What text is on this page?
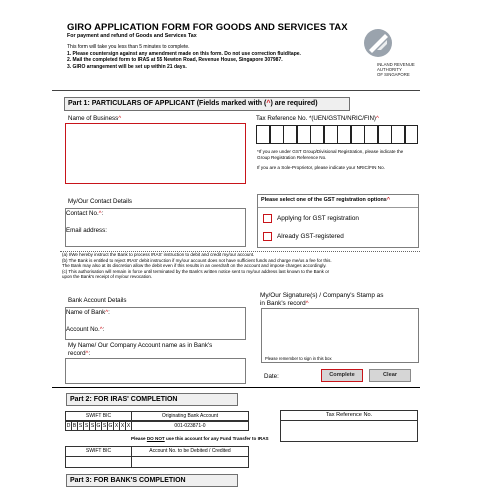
GIRO APPLICATION FORM FOR GOODS AND SERVICES TAX
For payment and refund of Goods and Services Tax
This form will take you less than 5 minutes to complete.
1. Please countersign against any amendment made on this form. Do not use correction fluid/tape.
2. Mail the completed form to IRAS at 55 Newton Road, Revenue House, Singapore 307987.
3. GIRO arrangement will be set up within 21 days.	INLAND REVENUE
AUTHORITY
OF SINGAPORE
Part 1: PARTICULARS OF APPLICANT (Fields marked with (^) are required)
Name of Business^	Tax Reference No. *(UEN/GSTN/NRIC/FIN)^
*If you are under GST Group/Divisional Registration, please indicate the Group Registration Reference No.
If you are a Sole-Proprietor, please indicate your NRIC/FIN No.
My/Our Contact Details
Contact No.^:
Email address:
Please select one of the GST registration options^
Applying for GST registration
Already GST-registered
(a) I/We hereby instruct the Bank to process IRAS' instruction to debit and credit my/our account.
(b) The Bank is entitled to reject IRAS' debit instruction if my/our account does not have sufficient funds and charge me/us a fee for this.
The Bank may also at its discretion allow the debit even if this results in an overdraft on the account and impose charges accordingly.
(c) This authorisation will remain in force until terminated by the Bank's written notice sent to my/our address last known to the Bank or
upon the Bank's receipt of my/our revocation.
Bank Account Details
Name of Bank^:
Account No.^:
My Name/ Our Company Account name as in Bank's
record^:
My/Our Signature(s) / Company's Stamp as
in Bank's record^
Please remember to sign in this box
Date:	Complete	Clear
Part 2: FOR IRAS' COMPLETION
SWIFT BIC	Originating Bank Account
D B S S S G S G X X X	001-023871-0
Tax Reference No.
Please DO NOT use this account for any Fund Transfer to IRAS
SWIFT BIC	Account No. to be Debited / Credited
Part 3: FOR BANK'S COMPLETION
